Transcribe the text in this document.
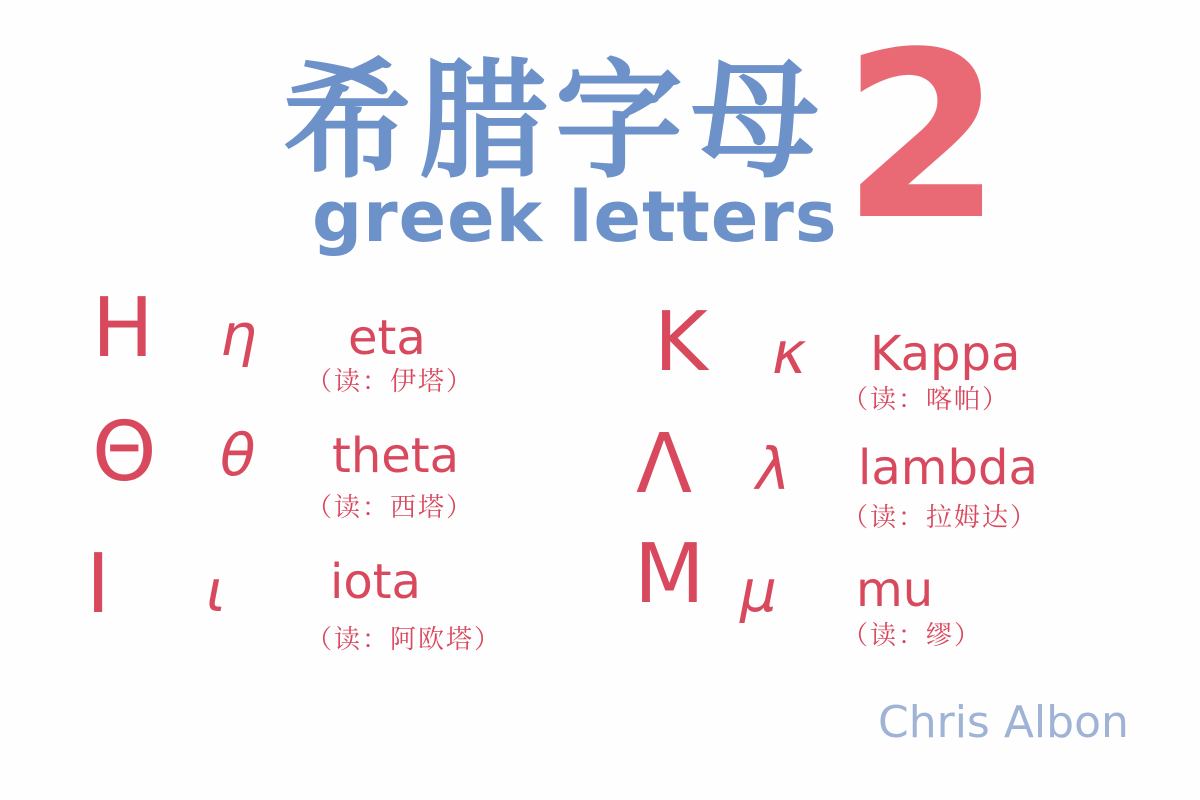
希腊字母
greek letters 2
H η eta
（读：伊塔）
Θ θ theta
（读：西塔）
I ι iota
（读：阿欧塔）
K κ Kappa
（读：喀帕）
Λ λ lambda
（读：拉姆达）
M μ mu
（读：缪）
Chris Albon
